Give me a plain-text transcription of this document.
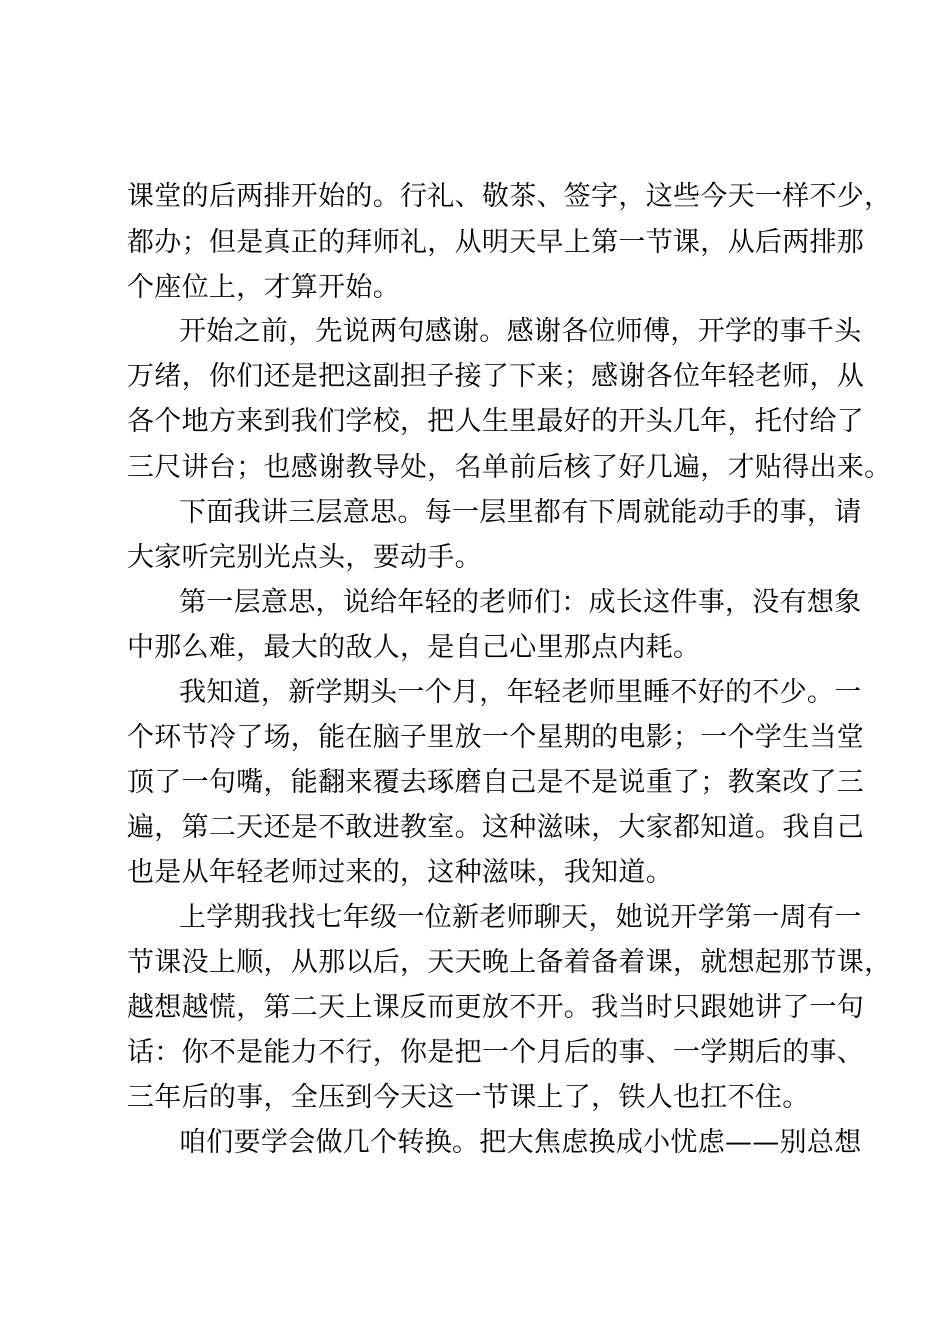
课堂的后两排开始的。行礼、敬茶、签字，这些今天一样不少，
都办；但是真正的拜师礼，从明天早上第一节课，从后两排那
个座位上，才算开始。
开始之前，先说两句感谢。感谢各位师傅，开学的事千头
万绪，你们还是把这副担子接了下来；感谢各位年轻老师，从
各个地方来到我们学校，把人生里最好的开头几年，托付给了
三尺讲台；也感谢教导处，名单前后核了好几遍，才贴得出来。
下面我讲三层意思。每一层里都有下周就能动手的事，请
大家听完别光点头，要动手。
第一层意思，说给年轻的老师们：成长这件事，没有想象
中那么难，最大的敌人，是自己心里那点内耗。
我知道，新学期头一个月，年轻老师里睡不好的不少。一
个环节冷了场，能在脑子里放一个星期的电影；一个学生当堂
顶了一句嘴，能翻来覆去琢磨自己是不是说重了；教案改了三
遍，第二天还是不敢进教室。这种滋味，大家都知道。我自己
也是从年轻老师过来的，这种滋味，我知道。
上学期我找七年级一位新老师聊天，她说开学第一周有一
节课没上顺，从那以后，天天晚上备着备着课，就想起那节课，
越想越慌，第二天上课反而更放不开。我当时只跟她讲了一句
话：你不是能力不行，你是把一个月后的事、一学期后的事、
三年后的事，全压到今天这一节课上了，铁人也扛不住。
咱们要学会做几个转换。把大焦虑换成小忧虑——别总想
